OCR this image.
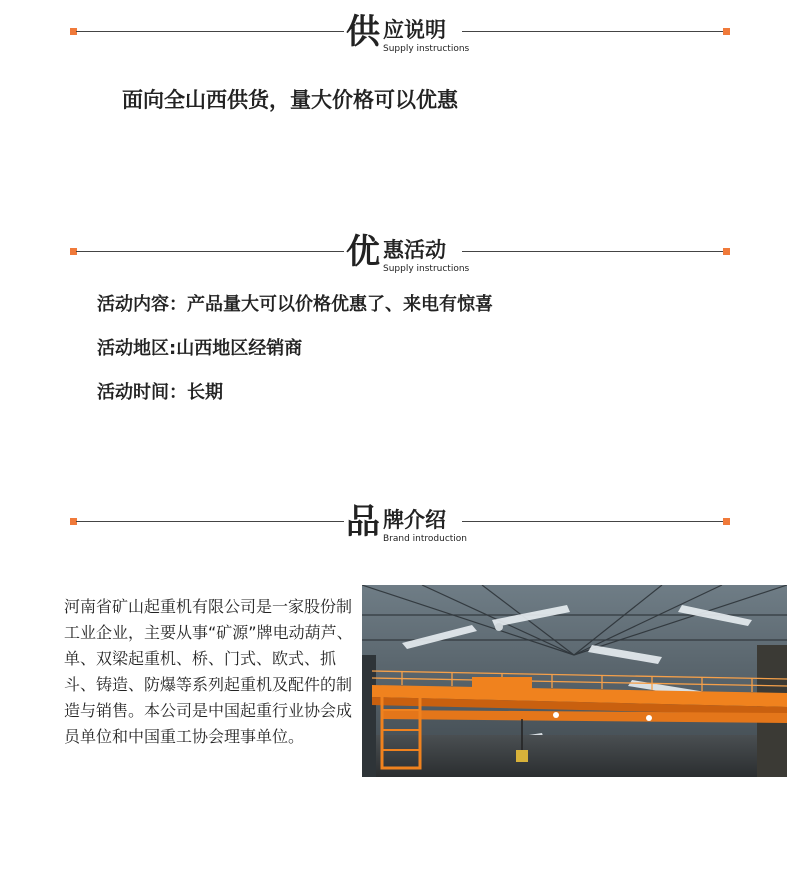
供 应说明
Supply instructions
面向全山西供货，量大价格可以优惠
优 惠活动
Supply instructions
活动内容：产品量大可以价格优惠了、来电有惊喜
活动地区:山西地区经销商
活动时间：长期
品 牌介绍
Brand introduction
河南省矿山起重机有限公司是一家股份制工业企业，主要从事“矿源”牌电动葫芦、单、双梁起重机、桥、门式、欧式、抓斗、铸造、防爆等系列起重机及配件的制造与销售。本公司是中国起重行业协会成员单位和中国重工协会理事单位。
